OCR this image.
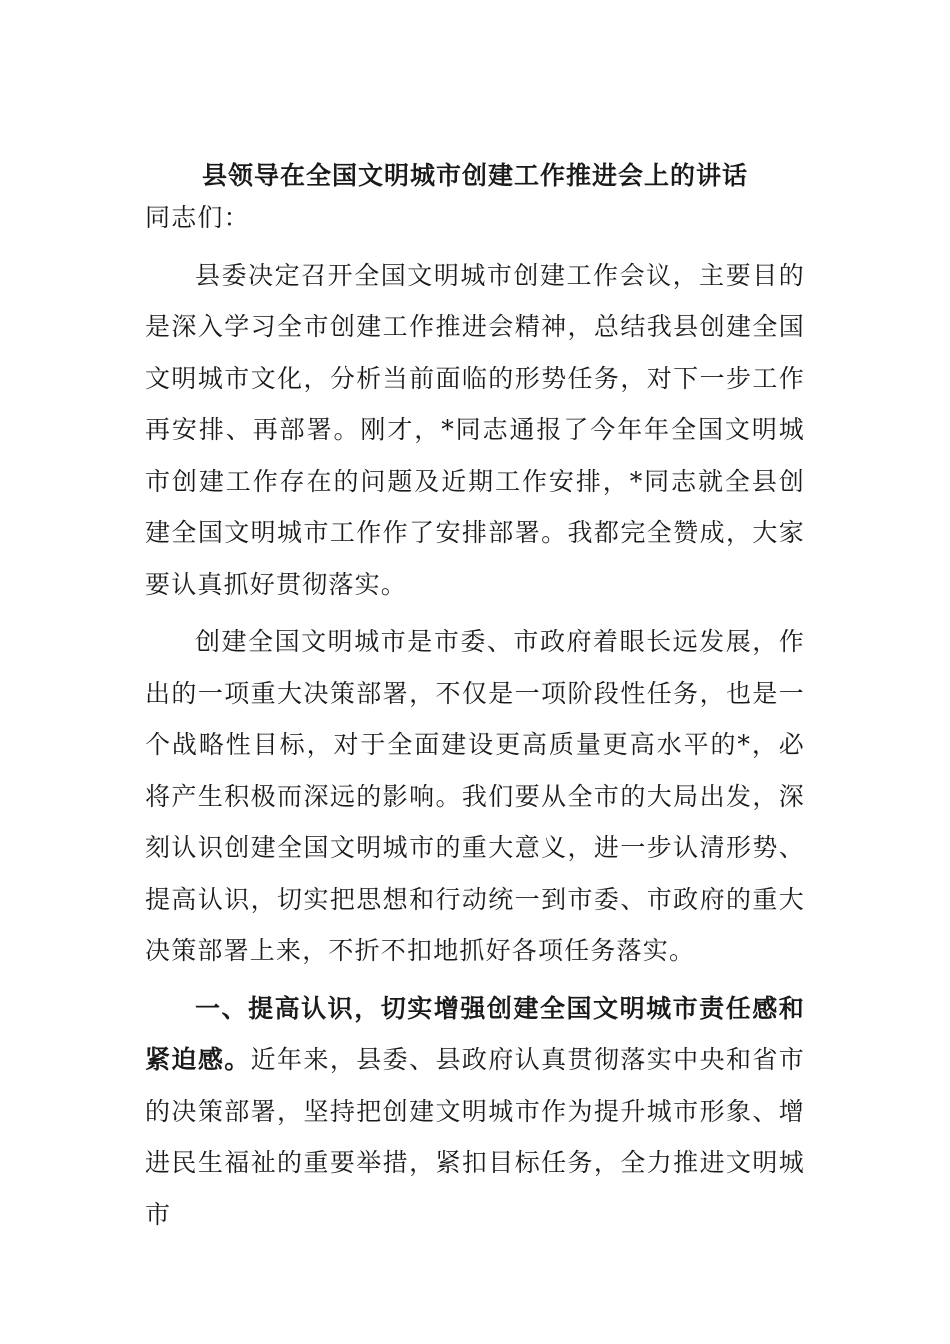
县领导在全国文明城市创建工作推进会上的讲话

同志们：

县委决定召开全国文明城市创建工作会议，主要目的是深入学习全市创建工作推进会精神，总结我县创建全国文明城市文化，分析当前面临的形势任务，对下一步工作再安排、再部署。刚才，*同志通报了今年年全国文明城市创建工作存在的问题及近期工作安排，*同志就全县创建全国文明城市工作作了安排部署。我都完全赞成，大家要认真抓好贯彻落实。

创建全国文明城市是市委、市政府着眼长远发展，作出的一项重大决策部署，不仅是一项阶段性任务，也是一个战略性目标，对于全面建设更高质量更高水平的*，必将产生积极而深远的影响。我们要从全市的大局出发，深刻认识创建全国文明城市的重大意义，进一步认清形势、提高认识，切实把思想和行动统一到市委、市政府的重大决策部署上来，不折不扣地抓好各项任务落实。

一、提高认识，切实增强创建全国文明城市责任感和紧迫感。近年来，县委、县政府认真贯彻落实中央和省市的决策部署，坚持把创建文明城市作为提升城市形象、增进民生福祉的重要举措，紧扣目标任务，全力推进文明城市
